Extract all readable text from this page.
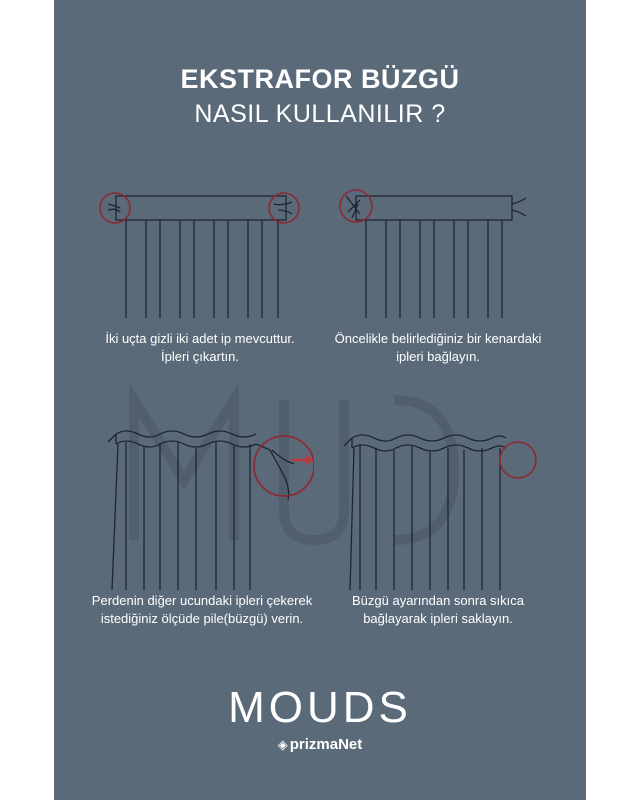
EKSTRAFOR BÜZGÜ
NASIL KULLANILIR ?
İki uçta gizli iki adet ip mevcuttur.
İpleri çıkartın.
Öncelikle belirlediğiniz bir kenardaki
ipleri bağlayın.
Perdenin diğer ucundaki ipleri çekerek
istediğiniz ölçüde pile(büzgü) verin.
Büzgü ayarından sonra sıkıca
bağlayarak ipleri saklayın.
MOUDS
◈ prizmaNet
